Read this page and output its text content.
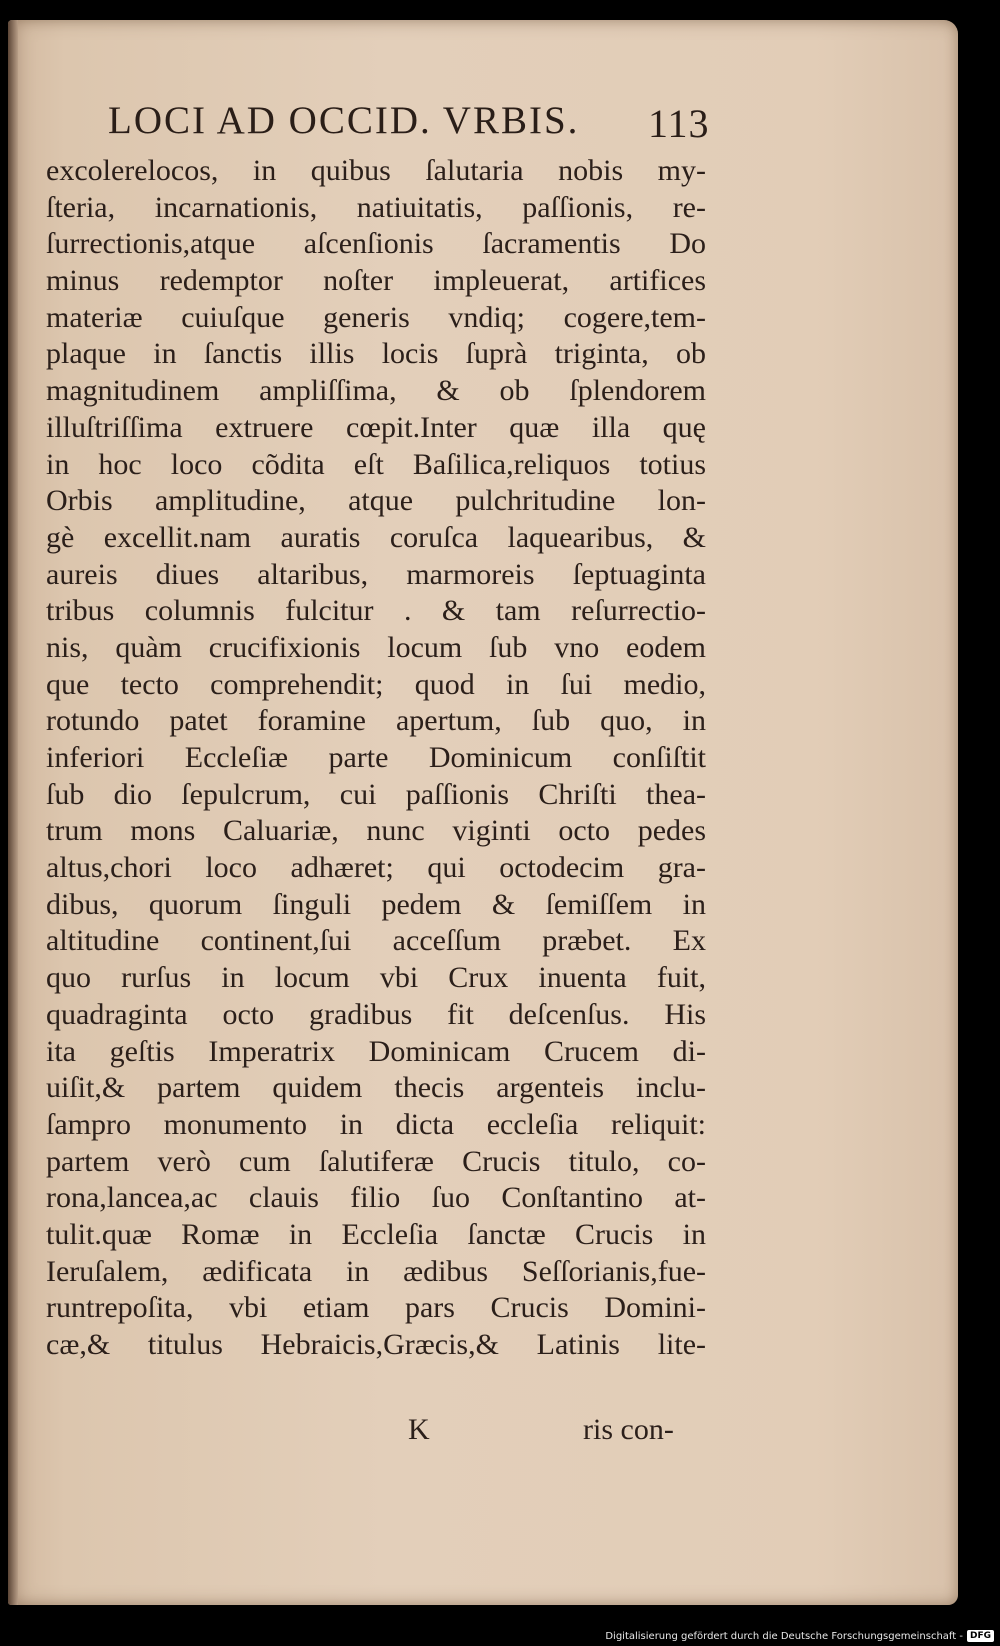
LOCI AD OCCID. VRBIS.	113
excolerelocos, in quibus ſalutaria nobis my-
ſteria, incarnationis, natiuitatis, paſſionis, re-
ſurrectionis,atque aſcenſionis ſacramentis Do
minus redemptor noſter impleuerat, artifices
materiæ cuiuſque generis vndiq; cogere,tem-
plaque in ſanctis illis locis ſuprà triginta, ob
magnitudinem ampliſſima, & ob ſplendorem
illuſtriſſima extruere cœpit.Inter quæ illa quę
in hoc loco cõdita eſt Baſilica,reliquos totius
Orbis amplitudine, atque pulchritudine lon-
gè excellit.nam auratis coruſca laquearibus, &
aureis diues altaribus, marmoreis ſeptuaginta
tribus columnis fulcitur . & tam reſurrectio-
nis, quàm crucifixionis locum ſub vno eodem
que tecto comprehendit; quod in ſui medio,
rotundo patet foramine apertum, ſub quo, in
inferiori Eccleſiæ parte Dominicum conſiſtit
ſub dio ſepulcrum, cui paſſionis Chriſti thea-
trum mons Caluariæ, nunc viginti octo pedes
altus,chori loco adhæret; qui octodecim gra-
dibus, quorum ſinguli pedem & ſemiſſem in
altitudine continent,ſui acceſſum præbet. Ex
quo rurſus in locum vbi Crux inuenta fuit,
quadraginta octo gradibus fit deſcenſus. His
ita geſtis Imperatrix Dominicam Crucem di-
uiſit,& partem quidem thecis argenteis inclu-
ſampro monumento in dicta eccleſia reliquit:
partem verò cum ſalutiferæ Crucis titulo, co-
rona,lancea,ac clauis filio ſuo Conſtantino at-
tulit.quæ Romæ in Eccleſia ſanctæ Crucis in
Ieruſalem, ædificata in ædibus Seſſorianis,fue-
runtrepoſita, vbi etiam pars Crucis Domini-
cæ,& titulus Hebraicis,Græcis,& Latinis lite-
K	ris con-
Digitalisierung gefördert durch die Deutsche Forschungsgemeinschaft - DFG
